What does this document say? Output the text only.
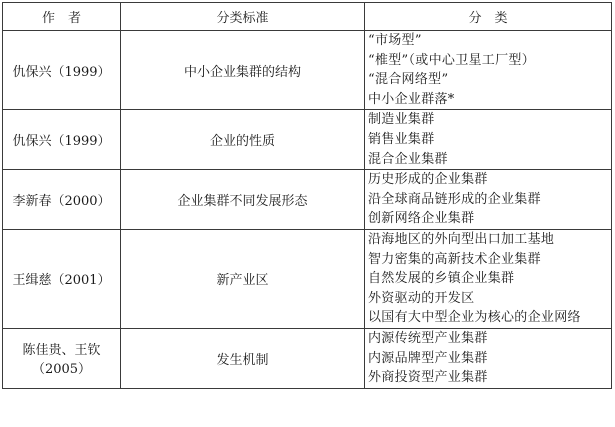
作　者	分类标准	分　类
仇保兴（1999）	中小企业集群的结构	“市场型”
“椎型”（或中心卫星工厂型）
“混合网络型”
中小企业群落*

仇保兴（1999）	企业的性质	制造业集群
销售业集群
混合企业集群

李新春（2000）	企业集群不同发展形态	历史形成的企业集群
沿全球商品链形成的企业集群
创新网络企业集群

王缉慈（2001）	新产业区	沿海地区的外向型出口加工基地
智力密集的高新技术企业集群
自然发展的乡镇企业集群
外资驱动的开发区
以国有大中型企业为核心的企业网络

陈佳贵、王钦（2005）	发生机制	内源传统型产业集群
内源品牌型产业集群
外商投资型产业集群
